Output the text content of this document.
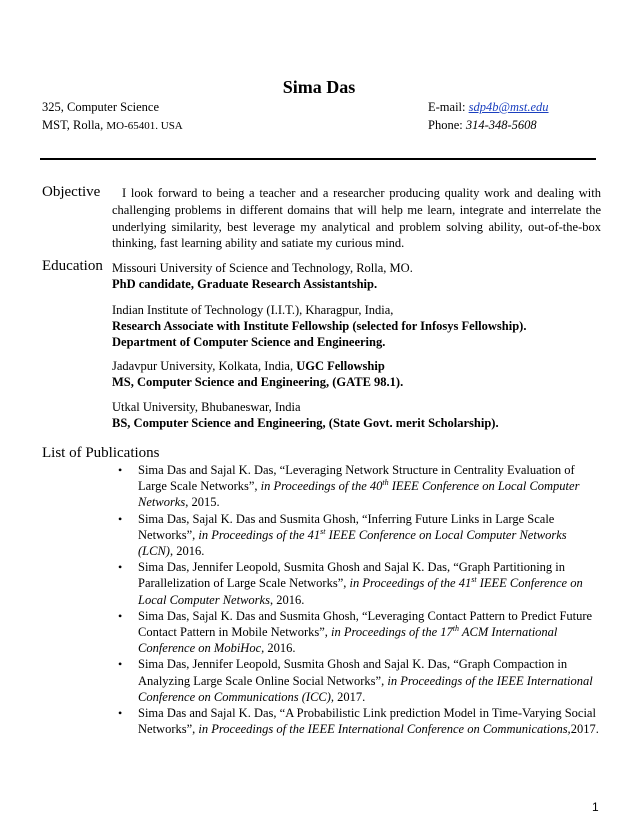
Sima Das
325, Computer Science
MST, Rolla, MO-65401. USA
E-mail: sdp4b@mst.edu
Phone: 314-348-5608
Objective	I look forward to being a teacher and a researcher producing quality work and dealing with challenging problems in different domains that will help me learn, integrate and interrelate the underlying similarity, best leverage my analytical and problem solving ability, out-of-the-box thinking, fast learning ability and satiate my curious mind.
Education Missouri University of Science and Technology, Rolla, MO.
PhD candidate, Graduate Research Assistantship.
Indian Institute of Technology (I.I.T.), Kharagpur, India,
Research Associate with Institute Fellowship (selected for Infosys Fellowship).
Department of Computer Science and Engineering.
Jadavpur University, Kolkata, India, UGC Fellowship
MS, Computer Science and Engineering, (GATE 98.1).
Utkal University, Bhubaneswar, India
BS, Computer Science and Engineering, (State Govt. merit Scholarship).
List of Publications
• Sima Das and Sajal K. Das, “Leveraging Network Structure in Centrality Evaluation of Large Scale Networks”, in Proceedings of the 40th IEEE Conference on Local Computer Networks, 2015.
• Sima Das, Sajal K. Das and Susmita Ghosh, “Inferring Future Links in Large Scale Networks”, in Proceedings of the 41st IEEE Conference on Local Computer Networks (LCN), 2016.
• Sima Das, Jennifer Leopold, Susmita Ghosh and Sajal K. Das, “Graph Partitioning in Parallelization of Large Scale Networks”, in Proceedings of the 41st IEEE Conference on Local Computer Networks, 2016.
• Sima Das, Sajal K. Das and Susmita Ghosh, “Leveraging Contact Pattern to Predict Future Contact Pattern in Mobile Networks”, in Proceedings of the 17th ACM International Conference on MobiHoc, 2016.
• Sima Das, Jennifer Leopold, Susmita Ghosh and Sajal K. Das, “Graph Compaction in Analyzing Large Scale Online Social Networks”, in Proceedings of the IEEE International Conference on Communications (ICC), 2017.
• Sima Das and Sajal K. Das, “A Probabilistic Link prediction Model in Time-Varying Social Networks”, in Proceedings of the IEEE International Conference on Communications,2017.
1
